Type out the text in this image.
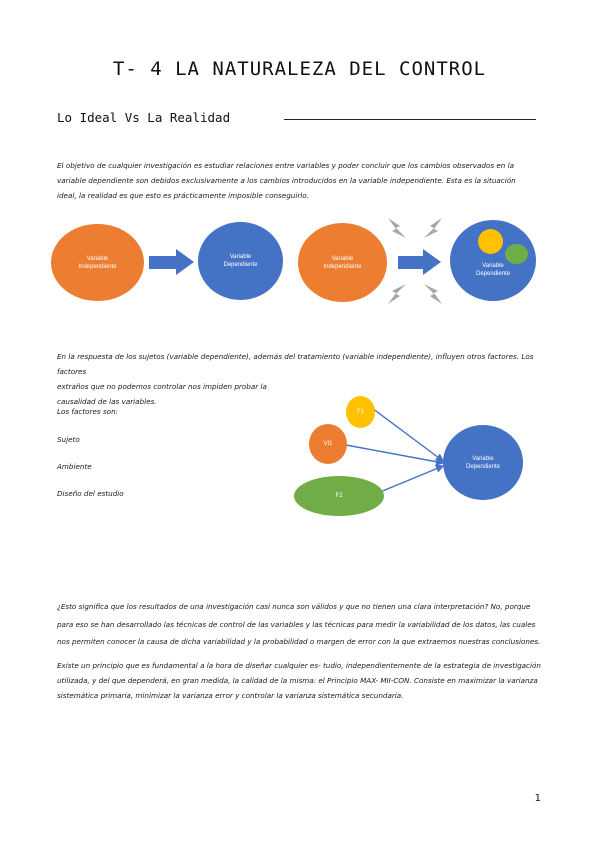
T- 4 LA NATURALEZA DEL CONTROL
Lo Ideal Vs La Realidad
El objetivo de cualquier investigación es estudiar relaciones entre variables y poder concluir que los cambios observados en la variable dependiente son debidos exclusivamente a los cambios introducidos en la variable independiente. Esta es la situación ideal, la realidad es que esto es prácticamente imposible conseguirlo.
Variable Independiente
Variable Dependiente
Variable Independiente	Variable Dependiente
En la respuesta de los sujetos (variable dependiente), además del tratamiento (variable independiente), influyen otros factores. Los factores
extraños que no podemos controlar nos impiden probar la
causalidad de las variables.
Los factores son:
Sujeto
Ambiente
Diseño del estudio
F1
VI1
F2
Variable Dependiente
¿Esto significa que los resultados de una investigación casi nunca son válidos y que no tienen una clara interpretación? No, porque para eso se han desarrollado las técnicas de control de las variables y las técnicas para medir la variabilidad de los datos, las cuales nos permiten conocer la causa de dicha variabilidad y la probabilidad o margen de error con la que extraemos nuestras conclusiones.
Existe un principio que es fundamental a la hora de diseñar cualquier es- tudio, independientemente de la estrategia de investigación utilizada, y del que dependerá, en gran medida, la calidad de la misma: el Principio MAX- MII-CON. Consiste en maximizar la varianza sistemática primaria, minimizar la varianza error y controlar la varianza sistemática secundaria.
1
